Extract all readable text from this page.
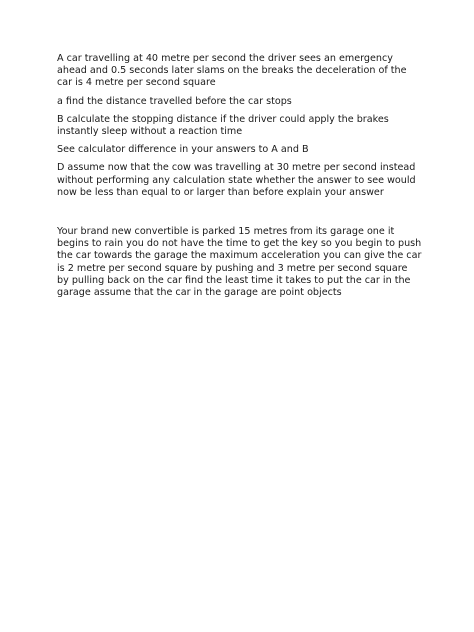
A car travelling at 40 metre per second the driver sees an emergency ahead and 0.5 seconds later slams on the breaks the deceleration of the car is 4 metre per second square

a find the distance travelled before the car stops

B calculate the stopping distance if the driver could apply the brakes instantly sleep without a reaction time

See calculator difference in your answers to A and B

D assume now that the cow was travelling at 30 metre per second instead without performing any calculation state whether the answer to see would now be less than equal to or larger than before explain your answer

Your brand new convertible is parked 15 metres from its garage one it begins to rain you do not have the time to get the key so you begin to push the car towards the garage the maximum acceleration you can give the car is 2 metre per second square by pushing and 3 metre per second square by pulling back on the car find the least time it takes to put the car in the garage assume that the car in the garage are point objects
